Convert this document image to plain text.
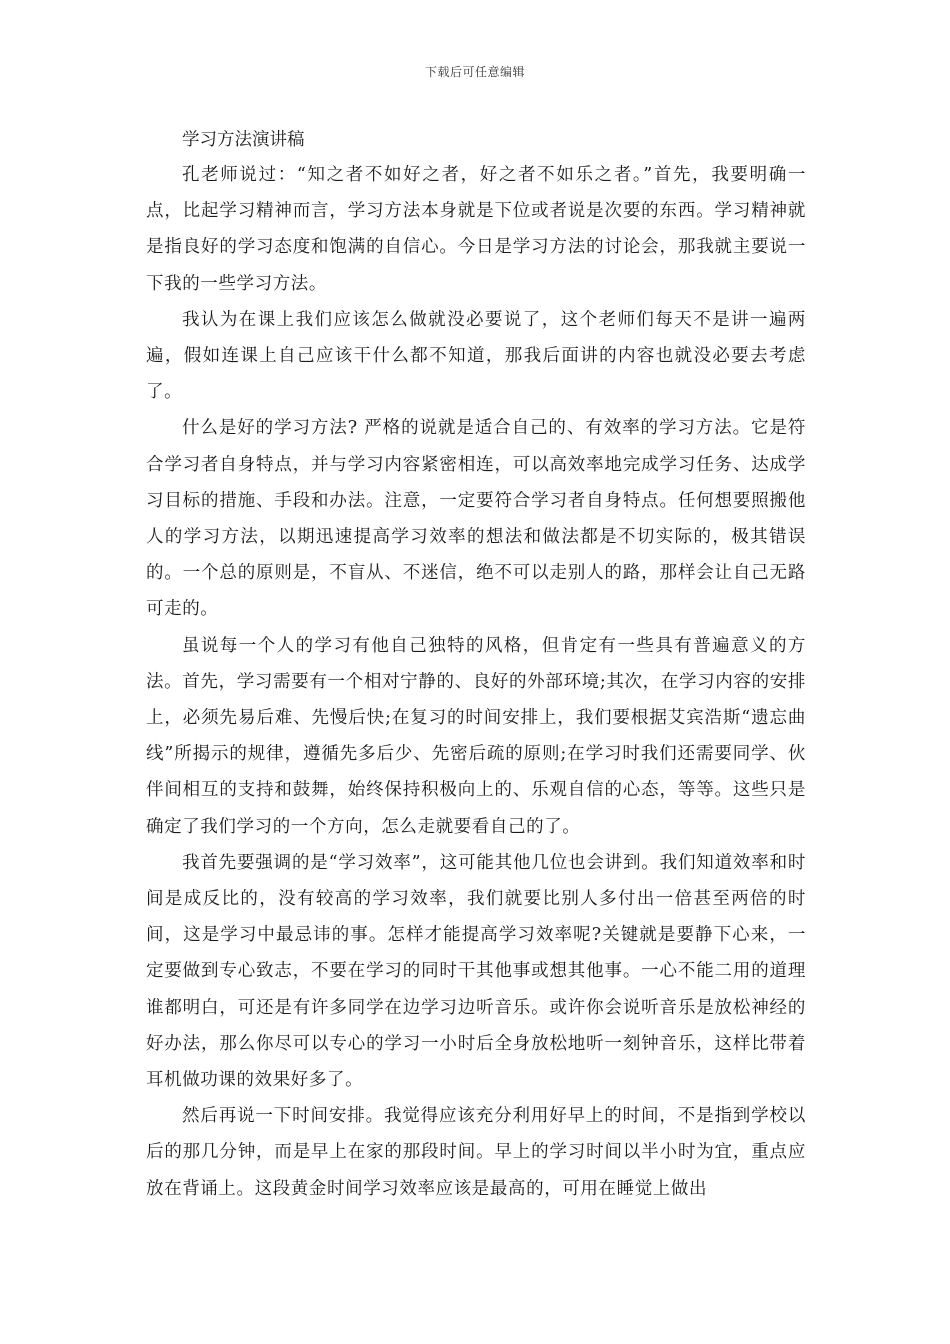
下载后可任意编辑
学习方法演讲稿

孔老师说过：“知之者不如好之者，好之者不如乐之者。”首先，我要明确一点，比起学习精神而言，学习方法本身就是下位或者说是次要的东西。学习精神就是指良好的学习态度和饱满的自信心。今日是学习方法的讨论会，那我就主要说一下我的一些学习方法。

我认为在课上我们应该怎么做就没必要说了，这个老师们每天不是讲一遍两遍，假如连课上自己应该干什么都不知道，那我后面讲的内容也就没必要去考虑了。

什么是好的学习方法? 严格的说就是适合自己的、有效率的学习方法。它是符合学习者自身特点，并与学习内容紧密相连，可以高效率地完成学习任务、达成学习目标的措施、手段和办法。注意，一定要符合学习者自身特点。任何想要照搬他人的学习方法，以期迅速提高学习效率的想法和做法都是不切实际的，极其错误的。一个总的原则是，不盲从、不迷信，绝不可以走别人的路，那样会让自己无路可走的。

虽说每一个人的学习有他自己独特的风格，但肯定有一些具有普遍意义的方法。首先，学习需要有一个相对宁静的、良好的外部环境;其次，在学习内容的安排上，必须先易后难、先慢后快;在复习的时间安排上，我们要根据艾宾浩斯“遗忘曲线”所揭示的规律，遵循先多后少、先密后疏的原则;在学习时我们还需要同学、伙伴间相互的支持和鼓舞，始终保持积极向上的、乐观自信的心态，等等。这些只是确定了我们学习的一个方向，怎么走就要看自己的了。

我首先要强调的是“学习效率”，这可能其他几位也会讲到。我们知道效率和时间是成反比的，没有较高的学习效率，我们就要比别人多付出一倍甚至两倍的时间，这是学习中最忌讳的事。怎样才能提高学习效率呢?关键就是要静下心来，一定要做到专心致志，不要在学习的同时干其他事或想其他事。一心不能二用的道理谁都明白，可还是有许多同学在边学习边听音乐。或许你会说听音乐是放松神经的好办法，那么你尽可以专心的学习一小时后全身放松地听一刻钟音乐，这样比带着耳机做功课的效果好多了。

然后再说一下时间安排。我觉得应该充分利用好早上的时间，不是指到学校以后的那几分钟，而是早上在家的那段时间。早上的学习时间以半小时为宜，重点应放在背诵上。这段黄金时间学习效率应该是最高的，可用在睡觉上做出
